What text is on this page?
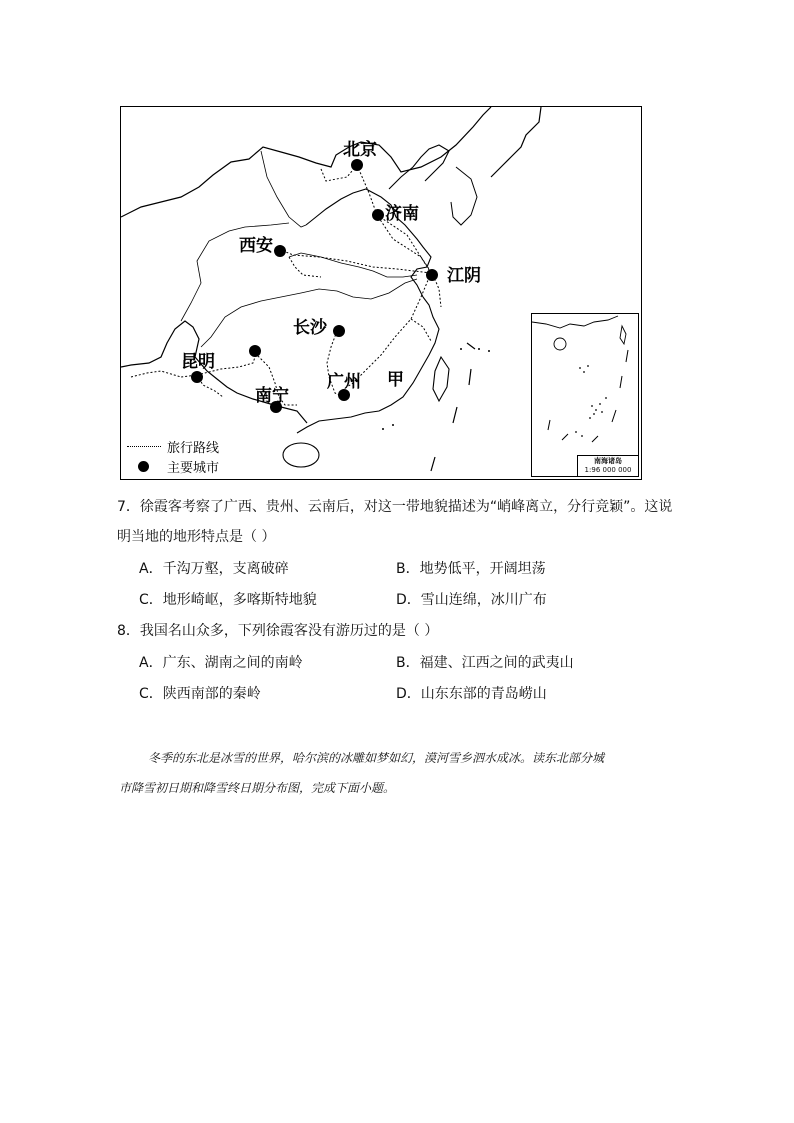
北京
济南
西安
江阴
长沙
昆明
南宁
广州 甲
南海诸岛
1:96 000 000
旅行路线
主要城市
7．徐霞客考察了广西、贵州、云南后，对这一带地貌描述为“峭峰离立，分行竞颖”。这说
明当地的地形特点是（ ）
A．千沟万壑，支离破碎	B．地势低平，开阔坦荡
C．地形崎岖，多喀斯特地貌	D．雪山连绵，冰川广布
8．我国名山众多，下列徐霞客没有游历过的是（ ）
A．广东、湖南之间的南岭	B．福建、江西之间的武夷山
C．陕西南部的秦岭	D．山东东部的青岛崂山
冬季的东北是冰雪的世界，哈尔滨的冰雕如梦如幻，漠河雪乡泗水成冰。读东北部分城
市降雪初日期和降雪终日期分布图，完成下面小题。
